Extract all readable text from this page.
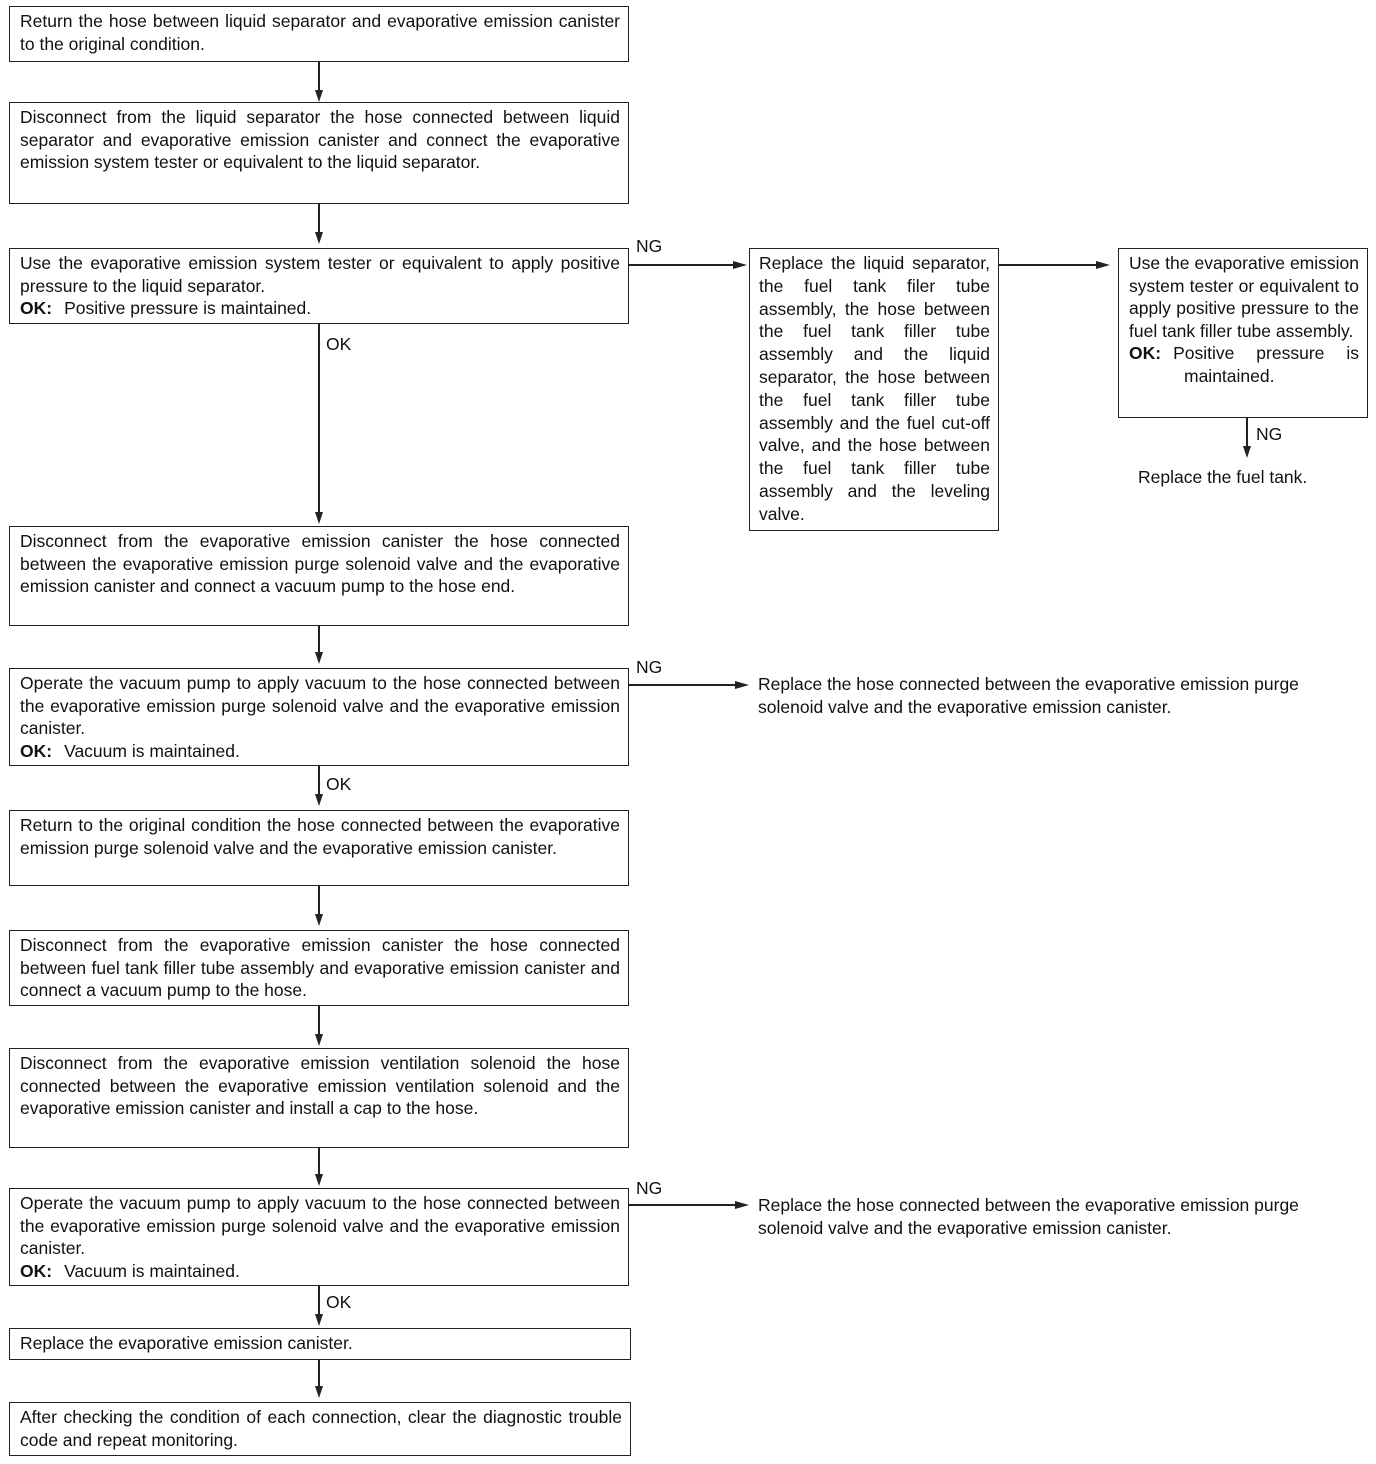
Return the hose between liquid separator and evaporative emission canister to the original condition.
Disconnect from the liquid separator the hose connected between liquid separator and evaporative emission canister and connect the evaporative emission system tester or equivalent to the liquid separator.
Use the evaporative emission system tester or equivalent to apply positive pressure to the liquid separator.
OK: Positive pressure is maintained.
NG
Replace the liquid separator, the fuel tank filer tube assembly, the hose between the fuel tank filler tube assembly and the liquid separator, the hose between the fuel tank filler tube assembly and the fuel cut-off valve, and the hose between the fuel tank filler tube assembly and the leveling valve.
Use the evaporative emission system tester or equivalent to apply positive pressure to the fuel tank filler tube assembly.
OK: Positive pressure is maintained.
NG
Replace the fuel tank.
OK
Disconnect from the evaporative emission canister the hose connected between the evaporative emission purge solenoid valve and the evaporative emission canister and connect a vacuum pump to the hose end.
Operate the vacuum pump to apply vacuum to the hose connected between the evaporative emission purge solenoid valve and the evaporative emission canister.
OK: Vacuum is maintained.
NG
Replace the hose connected between the evaporative emission purge solenoid valve and the evaporative emission canister.
OK
Return to the original condition the hose connected between the evaporative emission purge solenoid valve and the evaporative emission canister.
Disconnect from the evaporative emission canister the hose connected between fuel tank filler tube assembly and evaporative emission canister and connect a vacuum pump to the hose.
Disconnect from the evaporative emission ventilation solenoid the hose connected between the evaporative emission ventilation solenoid and the evaporative emission canister and install a cap to the hose.
Operate the vacuum pump to apply vacuum to the hose connected between the evaporative emission purge solenoid valve and the evaporative emission canister.
OK: Vacuum is maintained.
NG
Replace the hose connected between the evaporative emission purge solenoid valve and the evaporative emission canister.
OK
Replace the evaporative emission canister.
After checking the condition of each connection, clear the diagnostic trouble code and repeat monitoring.
